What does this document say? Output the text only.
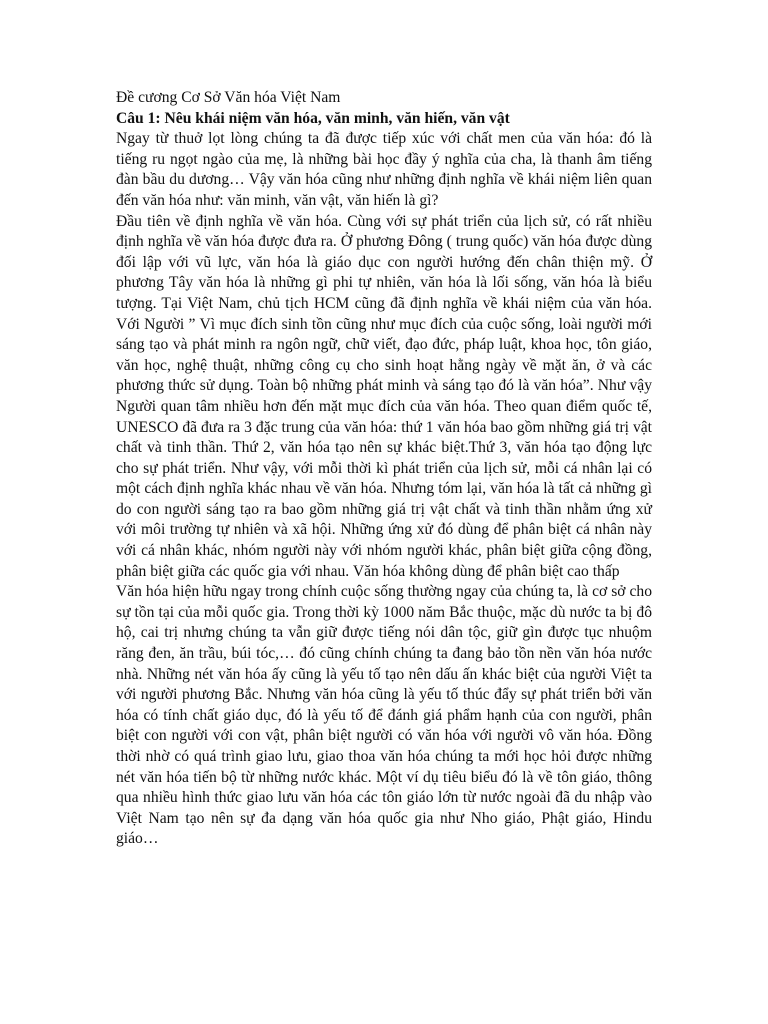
Đề cương Cơ Sở Văn hóa Việt Nam

Câu 1: Nêu khái niệm văn hóa, văn minh, văn hiến, văn vật

Ngay từ thuở lọt lòng chúng ta đã được tiếp xúc với chất men của văn hóa: đó là tiếng ru ngọt ngào của mẹ, là những bài học đầy ý nghĩa của cha, là thanh âm tiếng đàn bầu du dương… Vậy văn hóa cũng như những định nghĩa về khái niệm liên quan đến văn hóa như: văn minh, văn vật, văn hiến là gì?

Đầu tiên về định nghĩa về văn hóa. Cùng với sự phát triển của lịch sử, có rất nhiều định nghĩa về văn hóa được đưa ra. Ở phương Đông ( trung quốc) văn hóa được dùng đối lập với vũ lực, văn hóa là giáo dục con người hướng đến chân thiện mỹ. Ở phương Tây văn hóa là những gì phi tự nhiên, văn hóa là lối sống, văn hóa là biểu tượng. Tại Việt Nam, chủ tịch HCM cũng đã định nghĩa về khái niệm của văn hóa. Với Người ” Vì mục đích sinh tồn cũng như mục đích của cuộc sống, loài người mới sáng tạo và phát minh ra ngôn ngữ, chữ viết, đạo đức, pháp luật, khoa học, tôn giáo, văn học, nghệ thuật, những công cụ cho sinh hoạt hằng ngày về mặt ăn, ở và các phương thức sử dụng. Toàn bộ những phát minh và sáng tạo đó là văn hóa”. Như vậy Người quan tâm nhiều hơn đến mặt mục đích của văn hóa. Theo quan điểm quốc tế, UNESCO đã đưa ra 3 đặc trung của văn hóa: thứ 1 văn hóa bao gồm những giá trị vật chất và tinh thần. Thứ 2, văn hóa tạo nên sự khác biệt.Thứ 3, văn hóa tạo động lực cho sự phát triển. Như vậy, với mỗi thời kì phát triển của lịch sử, mỗi cá nhân lại có một cách định nghĩa khác nhau về văn hóa. Nhưng tóm lại, văn hóa là tất cả những gì do con người sáng tạo ra bao gồm những giá trị vật chất và tinh thần nhằm ứng xử với môi trường tự nhiên và xã hội. Những ứng xử đó dùng để phân biệt cá nhân này với cá nhân khác, nhóm người này với nhóm người khác, phân biệt giữa cộng đồng, phân biệt giữa các quốc gia với nhau. Văn hóa không dùng để phân biệt cao thấp

Văn hóa hiện hữu ngay trong chính cuộc sống thường ngay của chúng ta, là cơ sở cho sự tồn tại của mỗi quốc gia. Trong thời kỳ 1000 năm Bắc thuộc, mặc dù nước ta bị đô hộ, cai trị nhưng chúng ta vẫn giữ được tiếng nói dân tộc, giữ gìn được tục nhuộm răng đen, ăn trầu, búi tóc,… đó cũng chính chúng ta đang bảo tồn nền văn hóa nước nhà. Những nét văn hóa ấy cũng là yếu tố tạo nên dấu ấn khác biệt của người Việt ta với người phương Bắc. Nhưng văn hóa cũng là yếu tố thúc đẩy sự phát triển bởi văn hóa có tính chất giáo dục, đó là yếu tố để đánh giá phẩm hạnh của con người, phân biệt con người với con vật, phân biệt người có văn hóa với người vô văn hóa. Đồng thời nhờ có quá trình giao lưu, giao thoa văn hóa chúng ta mới học hỏi được những nét văn hóa tiến bộ từ những nước khác. Một ví dụ tiêu biểu đó là về tôn giáo, thông qua nhiều hình thức giao lưu văn hóa các tôn giáo lớn từ nước ngoài đã du nhập vào Việt Nam tạo nên sự đa dạng văn hóa quốc gia như Nho giáo, Phật giáo, Hindu giáo…
